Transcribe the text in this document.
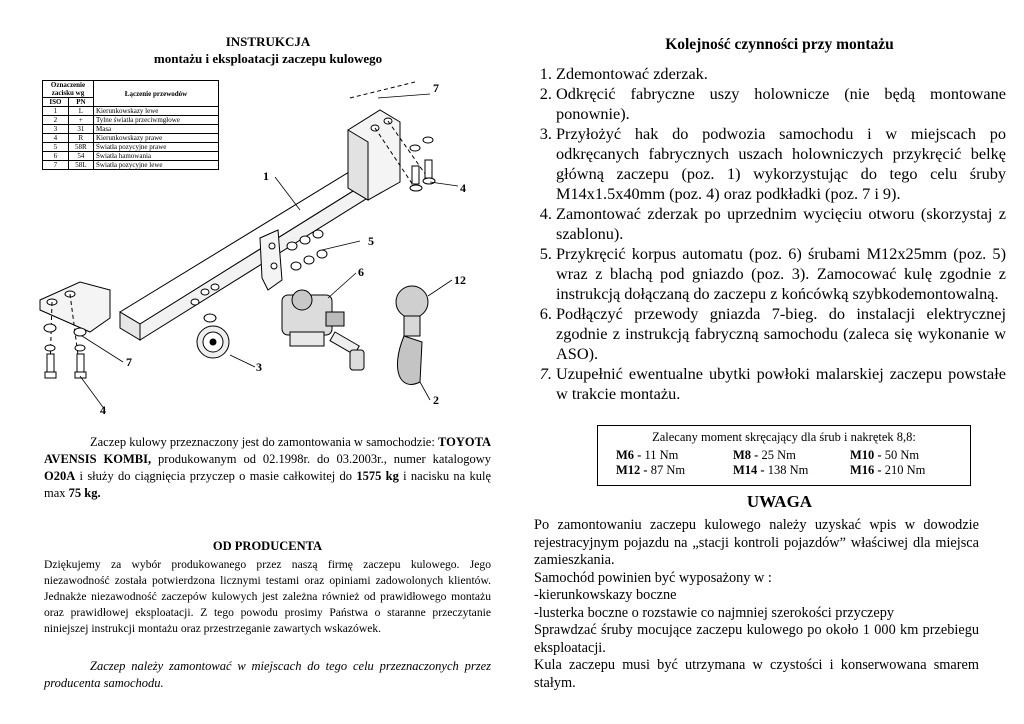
INSTRUKCJA
montażu i eksploatacji zaczepu kulowego
Oznaczenie zacisku wg		Łączenie przewodów
ISO	PN	
1	L	Kierunkowskazy lewe
2	+	Tylne światła przeciwmgłowe
3	31	Masa
4	R	Kierunkowskazy prawe
5	58R	Światła pozycyjne prawe
6	54	Światła hamowania
7	58L	Światła pozycyjne lewe
1
7
4
5
6
12
7	3
2
4
Zaczep kulowy przeznaczony jest do zamontowania w samochodzie: TOYOTA AVENSIS KOMBI, produkowanym od 02.1998r. do 03.2003r., numer katalogowy O20A i służy do ciągnięcia przyczep o masie całkowitej do 1575 kg i nacisku na kulę max 75 kg.
OD PRODUCENTA
Dziękujemy za wybór produkowanego przez naszą firmę zaczepu kulowego. Jego niezawodność została potwierdzona licznymi testami oraz opiniami zadowolonych klientów. Jednakże niezawodność zaczepów kulowych jest zależna również od prawidłowego montażu oraz prawidłowej eksploatacji. Z tego powodu prosimy Państwa o staranne przeczytanie niniejszej instrukcji montażu oraz przestrzeganie zawartych wskazówek.
Zaczep należy zamontować w miejscach do tego celu przeznaczonych przez producenta samochodu.
Kolejność czynności przy montażu
1. Zdemontować zderzak.
2. Odkręcić fabryczne uszy holownicze (nie będą montowane ponownie).
3. Przyłożyć hak do podwozia samochodu i w miejscach po odkręcanych fabrycznych uszach holowniczych przykręcić belkę główną zaczepu (poz. 1) wykorzystując do tego celu śruby M14x1.5x40mm (poz. 4) oraz podkładki (poz. 7 i 9).
4. Zamontować zderzak po uprzednim wycięciu otworu (skorzystaj z szablonu).
5. Przykręcić korpus automatu (poz. 6) śrubami M12x25mm (poz. 5) wraz z blachą pod gniazdo (poz. 3). Zamocować kulę zgodnie z instrukcją dołączaną do zaczepu z końcówką szybkodemontowalną.
6. Podłączyć przewody gniazda 7-bieg. do instalacji elektrycznej zgodnie z instrukcją fabryczną samochodu (zaleca się wykonanie w ASO).
7. Uzupełnić ewentualne ubytki powłoki malarskiej zaczepu powstałe w trakcie montażu.
Zalecany moment skręcający dla śrub i nakrętek 8,8:
M6 - 11 Nm	M8 - 25 Nm	M10 - 50 Nm
M12 - 87 Nm	M14 - 138 Nm	M16 - 210 Nm
UWAGA
Po zamontowaniu zaczepu kulowego należy uzyskać wpis w dowodzie rejestracyjnym pojazdu na „stacji kontroli pojazdów” właściwej dla miejsca zamieszkania.
Samochód powinien być wyposażony w :
-kierunkowskazy boczne
-lusterka boczne o rozstawie co najmniej szerokości przyczepy
Sprawdzać śruby mocujące zaczepu kulowego po około 1 000 km przebiegu eksploatacji.
Kula zaczepu musi być utrzymana w czystości i konserwowana smarem stałym.
